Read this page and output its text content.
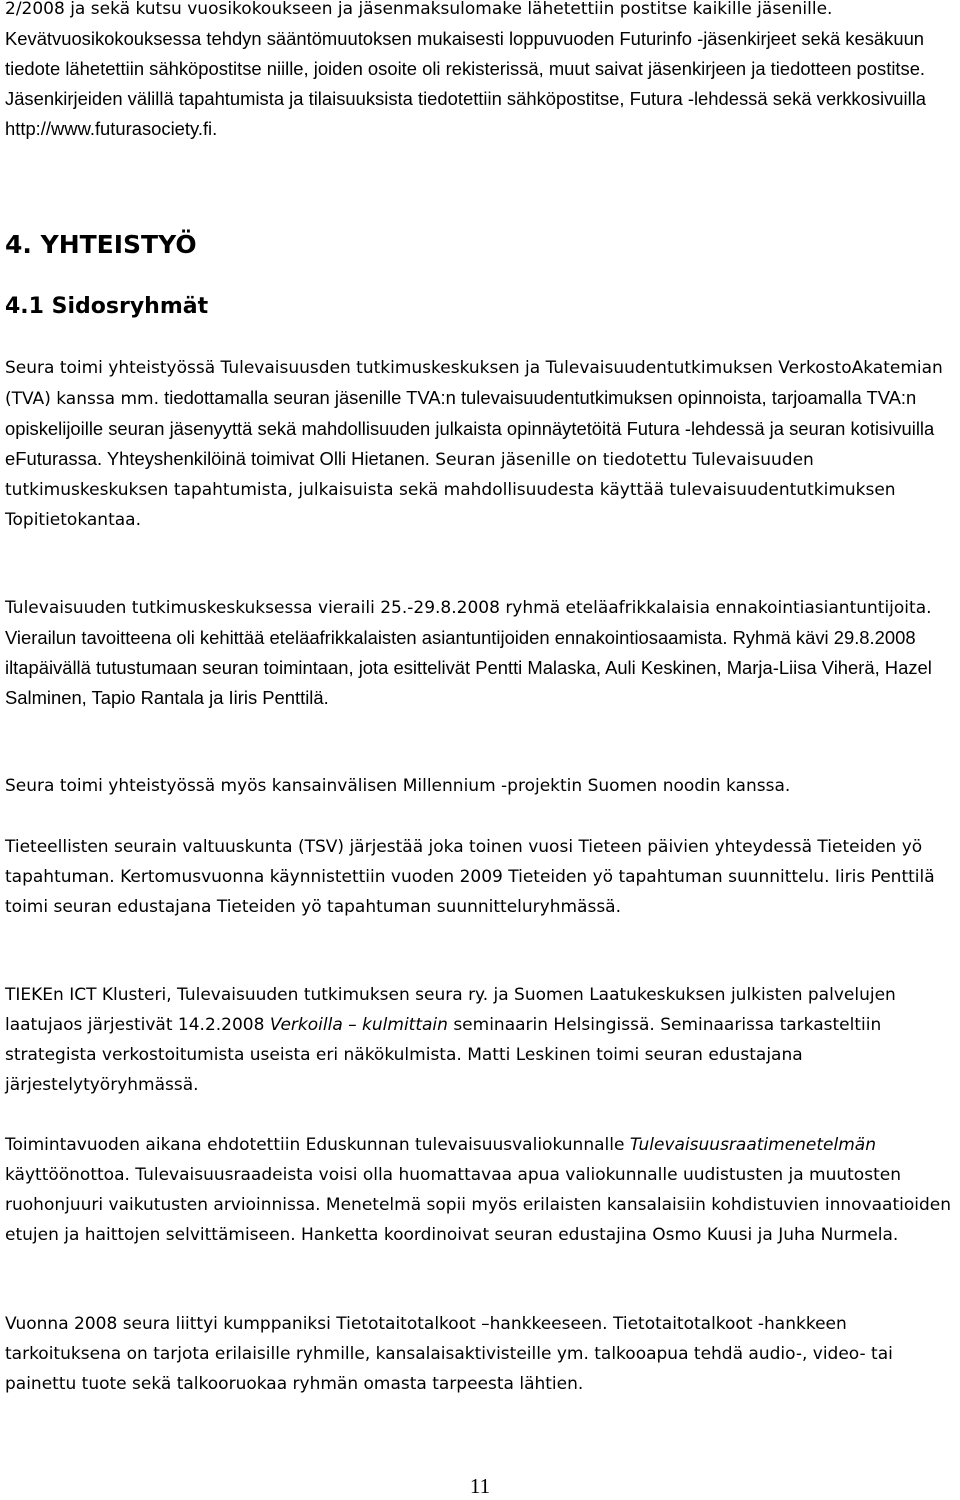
2/2008 ja sekä kutsu vuosikokoukseen ja jäsenmaksulomake lähetettiin postitse kaikille jäsenille. Kevätvuosikokouksessa tehdyn sääntömuutoksen mukaisesti loppuvuoden Futurinfo -jäsenkirjeet sekä kesäkuun tiedote lähetettiin sähköpostitse niille, joiden osoite oli rekisterissä, muut saivat jäsenkirjeen ja tiedotteen postitse. Jäsenkirjeiden välillä tapahtumista ja tilaisuuksista tiedotettiin sähköpostitse, Futura -lehdessä sekä verkkosivuilla http://www.futurasociety.fi.

4. YHTEISTYÖ
4.1 Sidosryhmät

Seura toimi yhteistyössä Tulevaisuusden tutkimuskeskuksen ja Tulevaisuudentutkimuksen VerkostoAkatemian (TVA) kanssa mm. tiedottamalla seuran jäsenille TVA:n tulevaisuudentutkimuksen opinnoista, tarjoamalla TVA:n opiskelijoille seuran jäsenyyttä sekä mahdollisuuden julkaista opinnäytetöitä Futura -lehdessä ja seuran kotisivuilla eFuturassa. Yhteyshenkilöinä toimivat Olli Hietanen. Seuran jäsenille on tiedotettu Tulevaisuuden tutkimuskeskuksen tapahtumista, julkaisuista sekä mahdollisuudesta käyttää tulevaisuudentutkimuksen Topitietokantaa.

Tulevaisuuden tutkimuskeskuksessa vieraili 25.-29.8.2008 ryhmä eteläafrikkalaisia ennakointiasiantuntijoita. Vierailun tavoitteena oli kehittää eteläafrikkalaisten asiantuntijoiden ennakointiosaamista. Ryhmä kävi 29.8.2008 iltapäivällä tutustumaan seuran toimintaan, jota esittelivät Pentti Malaska, Auli Keskinen, Marja-Liisa Viherä, Hazel Salminen, Tapio Rantala ja Iiris Penttilä.

Seura toimi yhteistyössä myös kansainvälisen Millennium -projektin Suomen noodin kanssa.

Tieteellisten seurain valtuuskunta (TSV) järjestää joka toinen vuosi Tieteen päivien yhteydessä Tieteiden yö tapahtuman. Kertomusvuonna käynnistettiin vuoden 2009 Tieteiden yö tapahtuman suunnittelu. Iiris Penttilä toimi seuran edustajana Tieteiden yö tapahtuman suunnitteluryhmässä.

TIEKEn ICT Klusteri, Tulevaisuuden tutkimuksen seura ry. ja Suomen Laatukeskuksen julkisten palvelujen laatujaos järjestivät 14.2.2008 Verkoilla – kulmittain seminaarin Helsingissä. Seminaarissa tarkasteltiin strategista verkostoitumista useista eri näkökulmista. Matti Leskinen toimi seuran edustajana järjestelytyöryhmässä.

Toimintavuoden aikana ehdotettiin Eduskunnan tulevaisuusvaliokunnalle Tulevaisuusraatimenetelmän käyttöönottoa. Tulevaisuusraadeista voisi olla huomattavaa apua valiokunnalle uudistusten ja muutosten ruohonjuuri vaikutusten arvioinnissa. Menetelmä sopii myös erilaisten kansalaisiin kohdistuvien innovaatioiden etujen ja haittojen selvittämiseen. Hanketta koordinoivat seuran edustajina Osmo Kuusi ja Juha Nurmela.

Vuonna 2008 seura liittyi kumppaniksi Tietotaitotalkoot –hankkeeseen. Tietotaitotalkoot -hankkeen tarkoituksena on tarjota erilaisille ryhmille, kansalaisaktivisteille ym. talkooapua tehdä audio-, video- tai painettu tuote sekä talkooruokaa ryhmän omasta tarpeesta lähtien.

11
